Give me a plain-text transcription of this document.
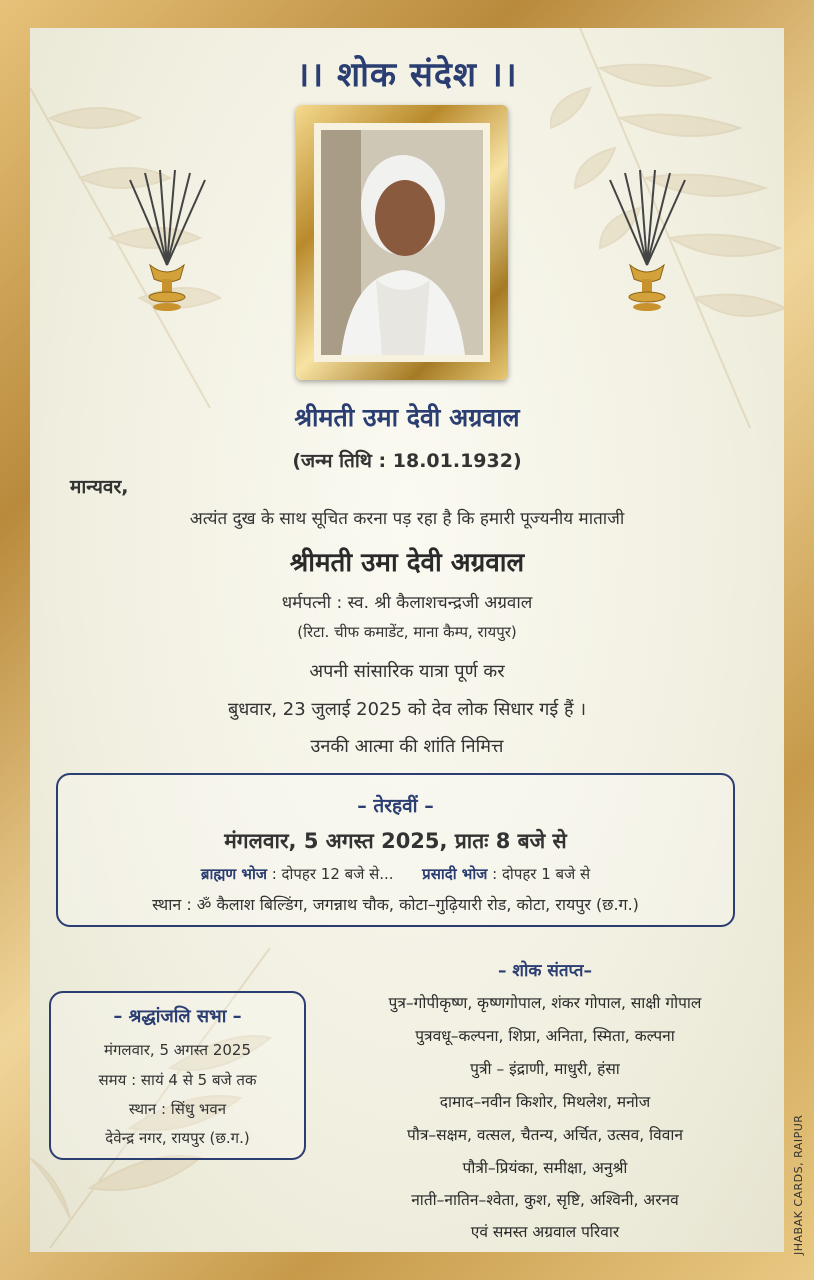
।। शोक संदेश ।।
श्रीमती उमा देवी अग्रवाल
(जन्म तिथि : 18.01.1932)
मान्यवर,
अत्यंत दुख के साथ सूचित करना पड़ रहा है कि हमारी पूज्यनीय माताजी
श्रीमती उमा देवी अग्रवाल
धर्मपत्नी : स्व. श्री कैलाशचन्द्रजी अग्रवाल
(रिटा. चीफ कमाडेंट, माना कैम्प, रायपुर)
अपनी सांसारिक यात्रा पूर्ण कर
बुधवार, 23 जुलाई 2025 को देव लोक सिधार गई हैं ।
उनकी आत्मा की शांति निमित्त
– तेरहवीं –
मंगलवार, 5 अगस्त 2025, प्रातः 8 बजे से
ब्राह्मण भोज : दोपहर 12 बजे से... प्रसादी भोज : दोपहर 1 बजे से
स्थान : ॐ कैलाश बिल्डिंग, जगन्नाथ चौक, कोटा–गुढ़ियारी रोड, कोटा, रायपुर (छ.ग.)
– श्रद्धांजलि सभा –
मंगलवार, 5 अगस्त 2025
समय : सायं 4 से 5 बजे तक
स्थान : सिंधु भवन
देवेन्द्र नगर, रायपुर (छ.ग.)
– शोक संतप्त–
पुत्र–गोपीकृष्ण, कृष्णगोपाल, शंकर गोपाल, साक्षी गोपाल
पुत्रवधू–कल्पना, शिप्रा, अनिता, स्मिता, कल्पना
पुत्री – इंद्राणी, माधुरी, हंसा
दामाद–नवीन किशोर, मिथलेश, मनोज
पौत्र–सक्षम, वत्सल, चैतन्य, अर्चित, उत्सव, विवान
पौत्री–प्रियंका, समीक्षा, अनुश्री
नाती–नातिन–श्वेता, कुश, सृष्टि, अश्विनी, अरनव
एवं समस्त अग्रवाल परिवार	JHABAK CARDS, RAIPUR
